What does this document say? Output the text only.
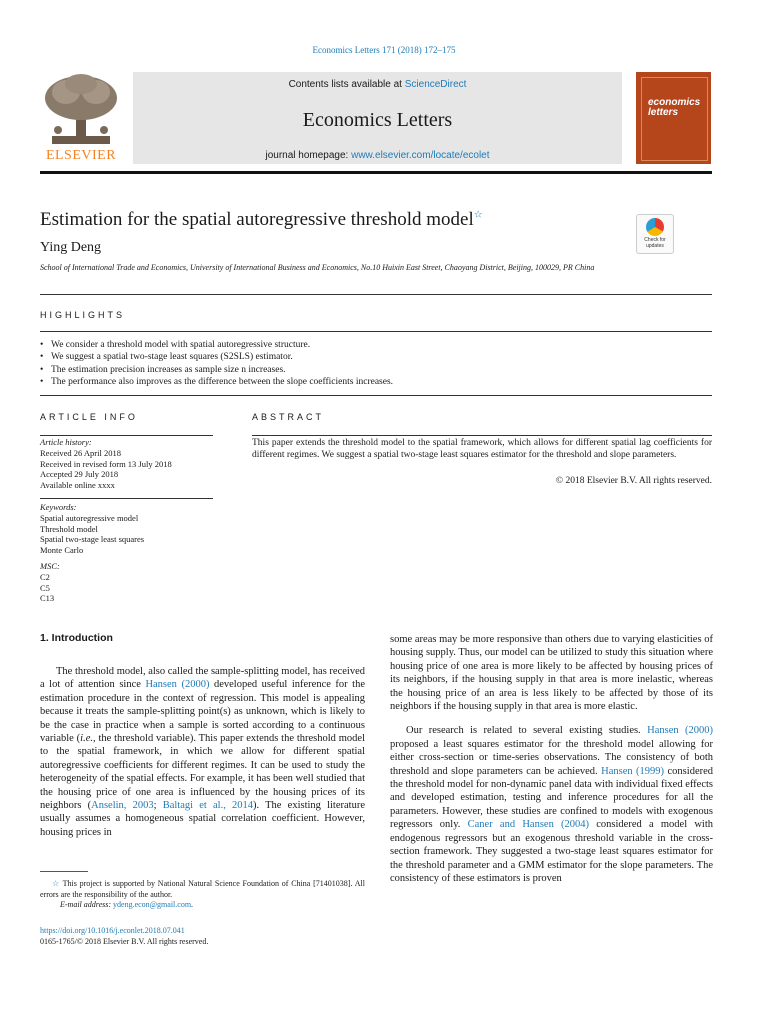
Economics Letters 171 (2018) 172–175
ELSEVIER
Contents lists available at ScienceDirect
Economics Letters
journal homepage: www.elsevier.com/locate/ecolet
economics
letters
Estimation for the spatial autoregressive threshold model☆
Ying Deng
School of International Trade and Economics, University of International Business and Economics, No.10 Huixin East Street, Chaoyang District, Beijing, 100029, PR China
Check for updates
HIGHLIGHTS
• We consider a threshold model with spatial autoregressive structure.
• We suggest a spatial two-stage least squares (S2SLS) estimator.
• The estimation precision increases as sample size n increases.
• The performance also improves as the difference between the slope coefficients increases.
ARTICLE INFO
Article history:
Received 26 April 2018
Received in revised form 13 July 2018
Accepted 29 July 2018
Available online xxxx
Keywords:
Spatial autoregressive model
Threshold model
Spatial two-stage least squares
Monte Carlo
MSC:
C2
C5
C13
ABSTRACT
This paper extends the threshold model to the spatial framework, which allows for different spatial lag coefficients for different regimes. We suggest a spatial two-stage least squares estimator for the threshold and slope parameters.
© 2018 Elsevier B.V. All rights reserved.
1. Introduction

The threshold model, also called the sample-splitting model, has received a lot of attention since Hansen (2000) developed useful inference for the estimation procedure in the context of regression. This model is appealing because it treats the sample-splitting point(s) as unknown, which is likely to be the case in practice when a sample is sorted according to a continuous variable (i.e., the threshold variable). This paper extends the threshold model to the spatial framework, in which we allow for different spatial autoregressive coefficients for different regimes. It can be used to study the heterogeneity of the spatial effects. For example, it has been well studied that the housing price of one area is influenced by the housing prices of its neighbors (Anselin, 2003; Baltagi et al., 2014). The existing literature usually assumes a homogeneous spatial correlation coefficient. However, housing prices in

☆ This project is supported by National Natural Science Foundation of China [71401038]. All errors are the responsibility of the author.
E-mail address: ydeng.econ@gmail.com.
https://doi.org/10.1016/j.econlet.2018.07.041
0165-1765/© 2018 Elsevier B.V. All rights reserved.

some areas may be more responsive than others due to varying elasticities of housing supply. Thus, our model can be utilized to study this situation where housing price of one area is more likely to be affected by housing prices of its neighbors, if the housing supply in that area is more inelastic, whereas the housing price of an area is less likely to be affected by those of its neighbors if the housing supply in that area is more elastic.

Our research is related to several existing studies. Hansen (2000) proposed a least squares estimator for the threshold model allowing for either cross-section or time-series observations. The consistency of both threshold and slope parameters can be achieved. Hansen (1999) considered the threshold model for non-dynamic panel data with individual fixed effects and developed estimation, testing and inference procedures for all the parameters. However, these studies are confined to models with exogenous regressors only. Caner and Hansen (2004) considered a model with endogenous regressors but an exogenous threshold variable in the cross-section framework. They suggested a two-stage least squares estimator for the threshold parameter and a GMM estimator for the slope parameters. The consistency of these estimators is proven
